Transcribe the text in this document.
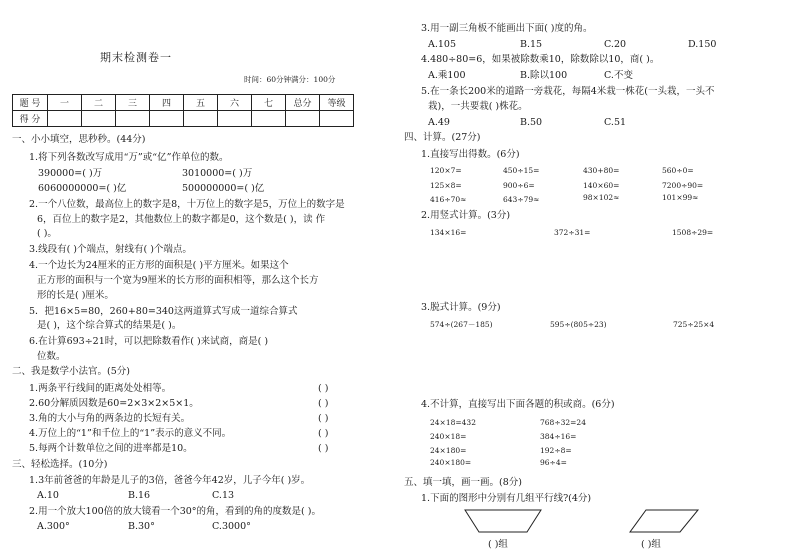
期末检测卷一
时间：60分钟满分：100分
题 号	一	二	三	四	五	六	七	总分	等级
得 分									
一、小小填空，思秒秒。(44分)
1.将下列各数改写成用“万”或“亿”作单位的数。
390000=( )万	3010000=( )万
6060000000=( )亿	500000000=( )亿
2.一个八位数，最高位上的数字是8，十万位上的数字是5，万位上的数字是
6，百位上的数字是2，其他数位上的数字都是0，这个数是( )，读 作
( )。
3.线段有( )个端点，射线有( )个端点。
4.一个边长为24厘米的正方形的面积是( )平方厘米。如果这个
正方形的面积与一个宽为9厘米的长方形的面积相等，那么这个长方
形的长是( )厘米。
5．把16×5=80，260+80=340这两道算式写成一道综合算式
是( )，这个综合算式的结果是( )。
6.在计算693÷21时，可以把除数看作( )来试商，商是( )
位数。
二、我是数学小法官。(5分)
1.两条平行线间的距离处处相等。	( )
2.60分解质因数是60=2×3×2×5×1。	( )
3.角的大小与角的两条边的长短有关。	( )
4.万位上的“1”和千位上的“1”表示的意义不同。	( )
5.每两个计数单位之间的进率都是10。	( )
三、轻松选择。(10分)
1.3年前爸爸的年龄是儿子的3倍，爸爸今年42岁，儿子今年( )岁。
A.10	B.16	C.13
2.用一个放大100倍的放大镜看一个30°的角，看到的角的度数是( )。
A.300°	B.30°	C.3000°
3.用一副三角板不能画出下面( )度的角。
A.105	B.15	C.20	D.150
4.480÷80=6，如果被除数乘10，除数除以10，商( )。
A.乘100	B.除以100	C.不变
5.在一条长200米的道路一旁栽花，每隔4米栽一株花(一头栽，一头不
栽)，一共要栽( )株花。
A.49	B.50	C.51
四、计算。(27分)
1.直接写出得数。(6分)
120×7=	450÷15=	430+80=	560÷0=
125×8=	900÷6=	140×60=	7200÷90=
416÷70≈	643÷79≈	98×102≈	101×99≈
2.用竖式计算。(3分)
134×16=	372÷31=	1508÷29=
3.脱式计算。(9分)
574÷(267－185)	595÷(805÷23)	725÷25×4
4.不计算，直接写出下面各题的积或商。(6分)
24×18=432	768÷32=24
240×18=	384÷16=
24×180=	192÷8=
240×180=	96÷4=
五、填一填，画一画。(8分)
1.下面的图形中分别有几组平行线?(4分)
( )组	( )组
